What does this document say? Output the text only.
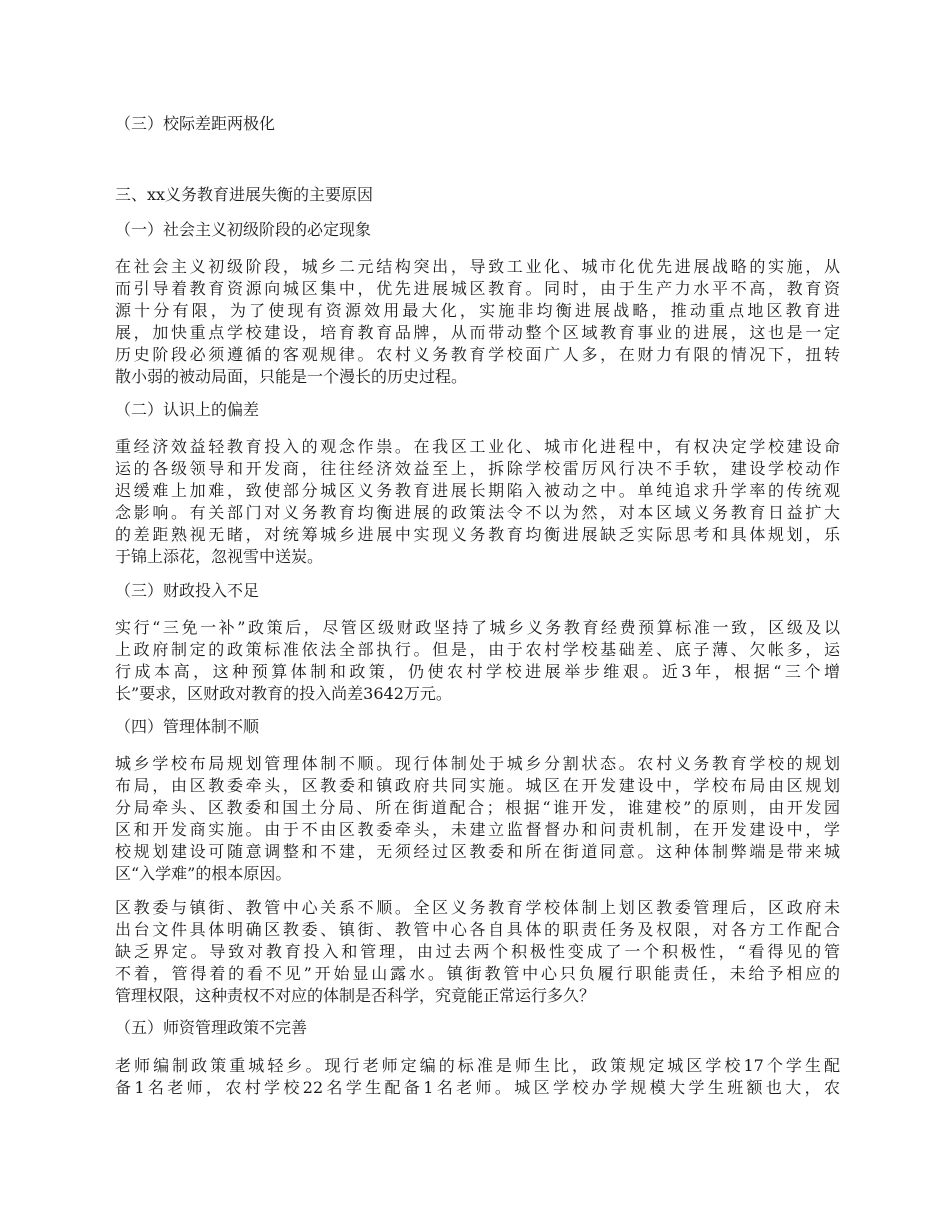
（三）校际差距两极化

三、xx义务教育进展失衡的主要原因

（一）社会主义初级阶段的必定现象

在社会主义初级阶段，城乡二元结构突出，导致工业化、城市化优先进展战略的实施，从
而引导着教育资源向城区集中，优先进展城区教育。同时，由于生产力水平不高，教育资
源十分有限，为了使现有资源效用最大化，实施非均衡进展战略，推动重点地区教育进
展，加快重点学校建设，培育教育品牌，从而带动整个区域教育事业的进展，这也是一定
历史阶段必须遵循的客观规律。农村义务教育学校面广人多，在财力有限的情况下，扭转
散小弱的被动局面，只能是一个漫长的历史过程。

（二）认识上的偏差

重经济效益轻教育投入的观念作祟。在我区工业化、城市化进程中，有权决定学校建设命
运的各级领导和开发商，往往经济效益至上，拆除学校雷厉风行决不手软，建设学校动作
迟缓难上加难，致使部分城区义务教育进展长期陷入被动之中。单纯追求升学率的传统观
念影响。有关部门对义务教育均衡进展的政策法令不以为然，对本区域义务教育日益扩大
的差距熟视无睹，对统筹城乡进展中实现义务教育均衡进展缺乏实际思考和具体规划，乐
于锦上添花，忽视雪中送炭。

（三）财政投入不足

实行“三免一补”政策后，尽管区级财政坚持了城乡义务教育经费预算标准一致，区级及以
上政府制定的政策标准依法全部执行。但是，由于农村学校基础差、底子薄、欠帐多，运
行成本高，这种预算体制和政策，仍使农村学校进展举步维艰。近3年，根据“三个增
长”要求，区财政对教育的投入尚差3642万元。

（四）管理体制不顺

城乡学校布局规划管理体制不顺。现行体制处于城乡分割状态。农村义务教育学校的规划
布局，由区教委牵头，区教委和镇政府共同实施。城区在开发建设中，学校布局由区规划
分局牵头、区教委和国土分局、所在街道配合；根据“谁开发，谁建校”的原则，由开发园
区和开发商实施。由于不由区教委牵头，未建立监督督办和问责机制，在开发建设中，学
校规划建设可随意调整和不建，无须经过区教委和所在街道同意。这种体制弊端是带来城
区“入学难”的根本原因。
区教委与镇街、教管中心关系不顺。全区义务教育学校体制上划区教委管理后，区政府未
出台文件具体明确区教委、镇街、教管中心各自具体的职责任务及权限，对各方工作配合
缺乏界定。导致对教育投入和管理，由过去两个积极性变成了一个积极性，“看得见的管
不着，管得着的看不见”开始显山露水。镇街教管中心只负履行职能责任，未给予相应的
管理权限，这种责权不对应的体制是否科学，究竟能正常运行多久？

（五）师资管理政策不完善

老师编制政策重城轻乡。现行老师定编的标准是师生比，政策规定城区学校17个学生配
备1名老师，农村学校22名学生配备1名老师。城区学校办学规模大学生班额也大，农
